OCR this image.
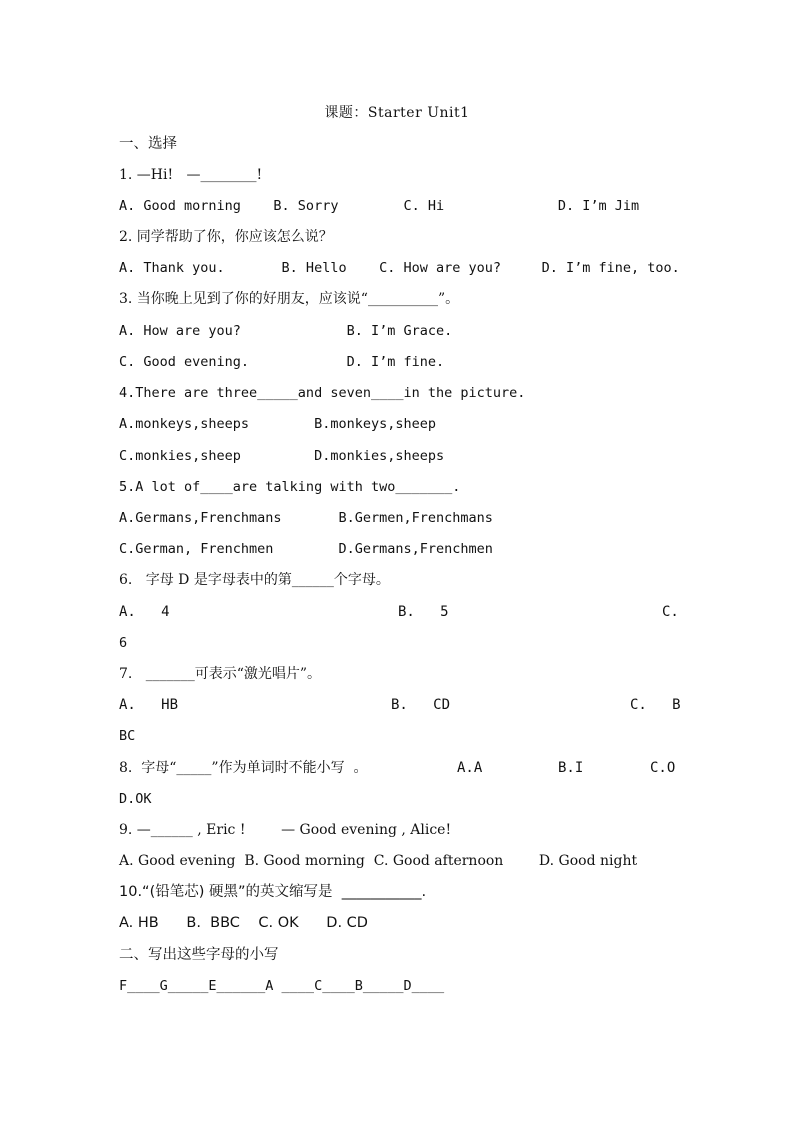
课题：Starter Unit1
一、选择
1. —Hi!   —________!
A. Good morning    B. Sorry        C. Hi              D. I’m Jim
2. 同学帮助了你，你应该怎么说？
A. Thank you.       B. Hello    C. How are you?     D. I’m fine, too.
3. 当你晚上见到了你的好朋友，应该说“__________”。
A. How are you?             B. I’m Grace.
C. Good evening.            D. I’m fine.
4.There are three_____and seven____in the picture.
A.monkeys,sheeps        B.monkeys,sheep
C.monkies,sheep         D.monkies,sheeps
5.A lot of____are talking with two_______.
A.Germans,Frenchmans       B.Germen,Frenchmans
C.German, Frenchmen        D.Germans,Frenchmen
6.   字母 D 是字母表中的第______个字母。
A.   4	B.   5	C.
6
7.   _______可表示“激光唱片”。
A.   HB	B.   CD	C.   B
BC
8.  字母“_____”作为单词时不能小写  。	A.A	B.I	C.O
D.OK
9. —______ , Eric !        — Good evening , Alice!
A. Good evening  B. Good morning  C. Good afternoon        D. Good night
10.“(铅笔芯) 硬黑”的英文缩写是  ___________.
A. HB      B.  BBC    C. OK      D. CD
二、写出这些字母的小写
F____G_____E______A ____C____B_____D____
